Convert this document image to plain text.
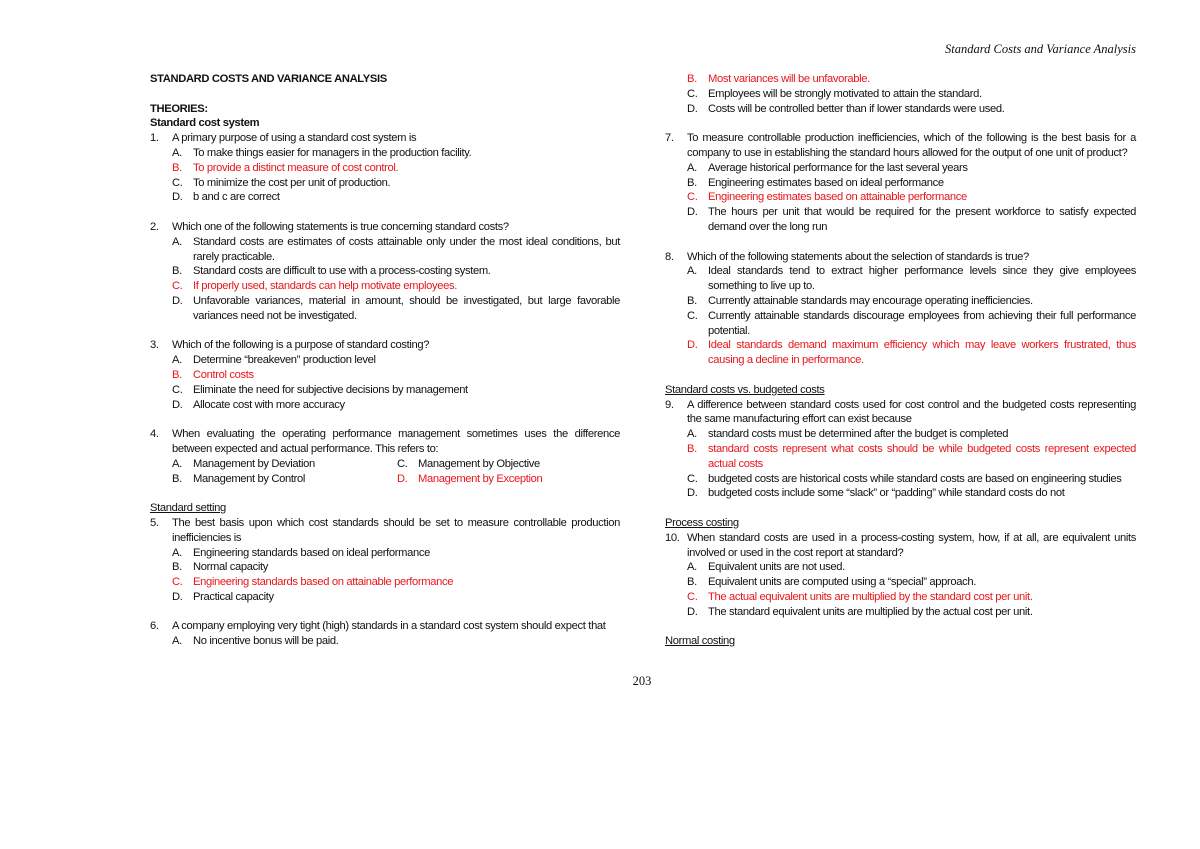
Standard Costs and Variance Analysis
STANDARD COSTS AND VARIANCE ANALYSIS
THEORIES:
Standard cost system
1.	A primary purpose of using a standard cost system is
A. To make things easier for managers in the production facility.
B. To provide a distinct measure of cost control.
C. To minimize the cost per unit of production.
D. b and c are correct
2.	Which one of the following statements is true concerning standard costs?
A. Standard costs are estimates of costs attainable only under the most ideal conditions, but rarely practicable.
B. Standard costs are difficult to use with a process-costing system.
C. If properly used, standards can help motivate employees.
D. Unfavorable variances, material in amount, should be investigated, but large favorable variances need not be investigated.
3.	Which of the following is a purpose of standard costing?
A. Determine “breakeven” production level
B. Control costs
C. Eliminate the need for subjective decisions by management
D. Allocate cost with more accuracy
4.	When evaluating the operating performance management sometimes uses the difference between expected and actual performance. This refers to:
A. Management by Deviation	C. Management by Objective
B. Management by Control	D. Management by Exception
Standard setting
5.	The best basis upon which cost standards should be set to measure controllable production inefficiencies is
A. Engineering standards based on ideal performance
B. Normal capacity
C. Engineering standards based on attainable performance
D. Practical capacity
6.	A company employing very tight (high) standards in a standard cost system should expect that
A. No incentive bonus will be paid.
B. Most variances will be unfavorable.
C. Employees will be strongly motivated to attain the standard.
D. Costs will be controlled better than if lower standards were used.
7.	To measure controllable production inefficiencies, which of the following is the best basis for a company to use in establishing the standard hours allowed for the output of one unit of product?
A. Average historical performance for the last several years
B. Engineering estimates based on ideal performance
C. Engineering estimates based on attainable performance
D. The hours per unit that would be required for the present workforce to satisfy expected demand over the long run
8.	Which of the following statements about the selection of standards is true?
A. Ideal standards tend to extract higher performance levels since they give employees something to live up to.
B. Currently attainable standards may encourage operating inefficiencies.
C. Currently attainable standards discourage employees from achieving their full performance potential.
D. Ideal standards demand maximum efficiency which may leave workers frustrated, thus causing a decline in performance.
Standard costs vs. budgeted costs
9.	A difference between standard costs used for cost control and the budgeted costs representing the same manufacturing effort can exist because
A. standard costs must be determined after the budget is completed
B. standard costs represent what costs should be while budgeted costs represent expected actual costs
C. budgeted costs are historical costs while standard costs are based on engineering studies
D. budgeted costs include some “slack” or “padding” while standard costs do not
Process costing
10. When standard costs are used in a process-costing system, how, if at all, are equivalent units involved or used in the cost report at standard?
A. Equivalent units are not used.
B. Equivalent units are computed using a “special” approach.
C. The actual equivalent units are multiplied by the standard cost per unit.
D. The standard equivalent units are multiplied by the actual cost per unit.
Normal costing
203
